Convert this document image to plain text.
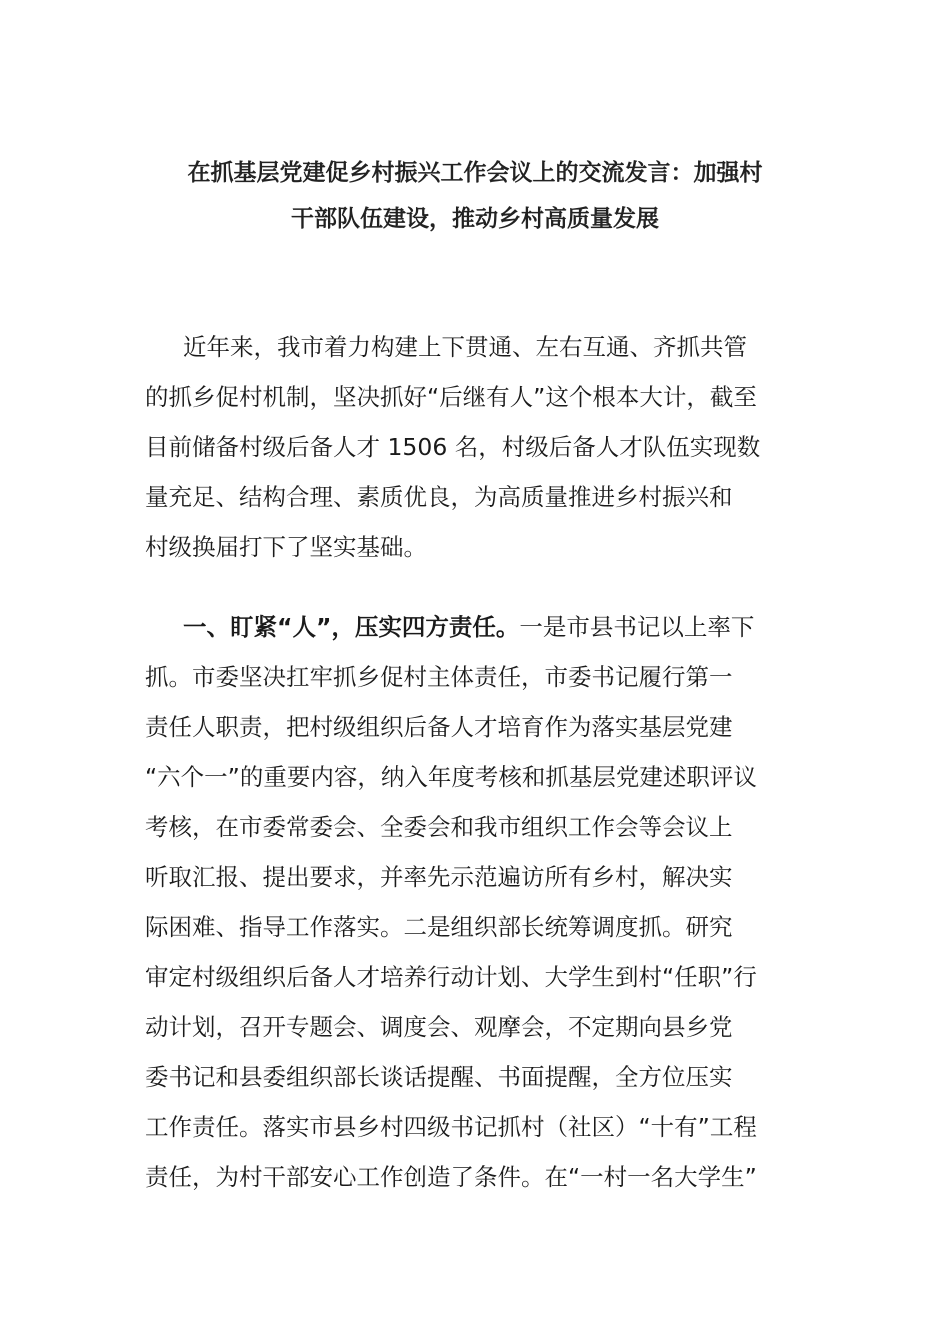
在抓基层党建促乡村振兴工作会议上的交流发言：加强村
干部队伍建设，推动乡村高质量发展
近年来，我市着力构建上下贯通、左右互通、齐抓共管
的抓乡促村机制，坚决抓好“后继有人”这个根本大计，截至
目前储备村级后备人才 1506 名，村级后备人才队伍实现数
量充足、结构合理、素质优良，为高质量推进乡村振兴和
村级换届打下了坚实基础。
一、盯紧“人”，压实四方责任。一是市县书记以上率下
抓。市委坚决扛牢抓乡促村主体责任，市委书记履行第一
责任人职责，把村级组织后备人才培育作为落实基层党建
“六个一”的重要内容，纳入年度考核和抓基层党建述职评议
考核，在市委常委会、全委会和我市组织工作会等会议上
听取汇报、提出要求，并率先示范遍访所有乡村，解决实
际困难、指导工作落实。二是组织部长统筹调度抓。研究
审定村级组织后备人才培养行动计划、大学生到村“任职”行
动计划，召开专题会、调度会、观摩会，不定期向县乡党
委书记和县委组织部长谈话提醒、书面提醒，全方位压实
工作责任。落实市县乡村四级书记抓村（社区）“十有”工程
责任，为村干部安心工作创造了条件。在“一村一名大学生”
